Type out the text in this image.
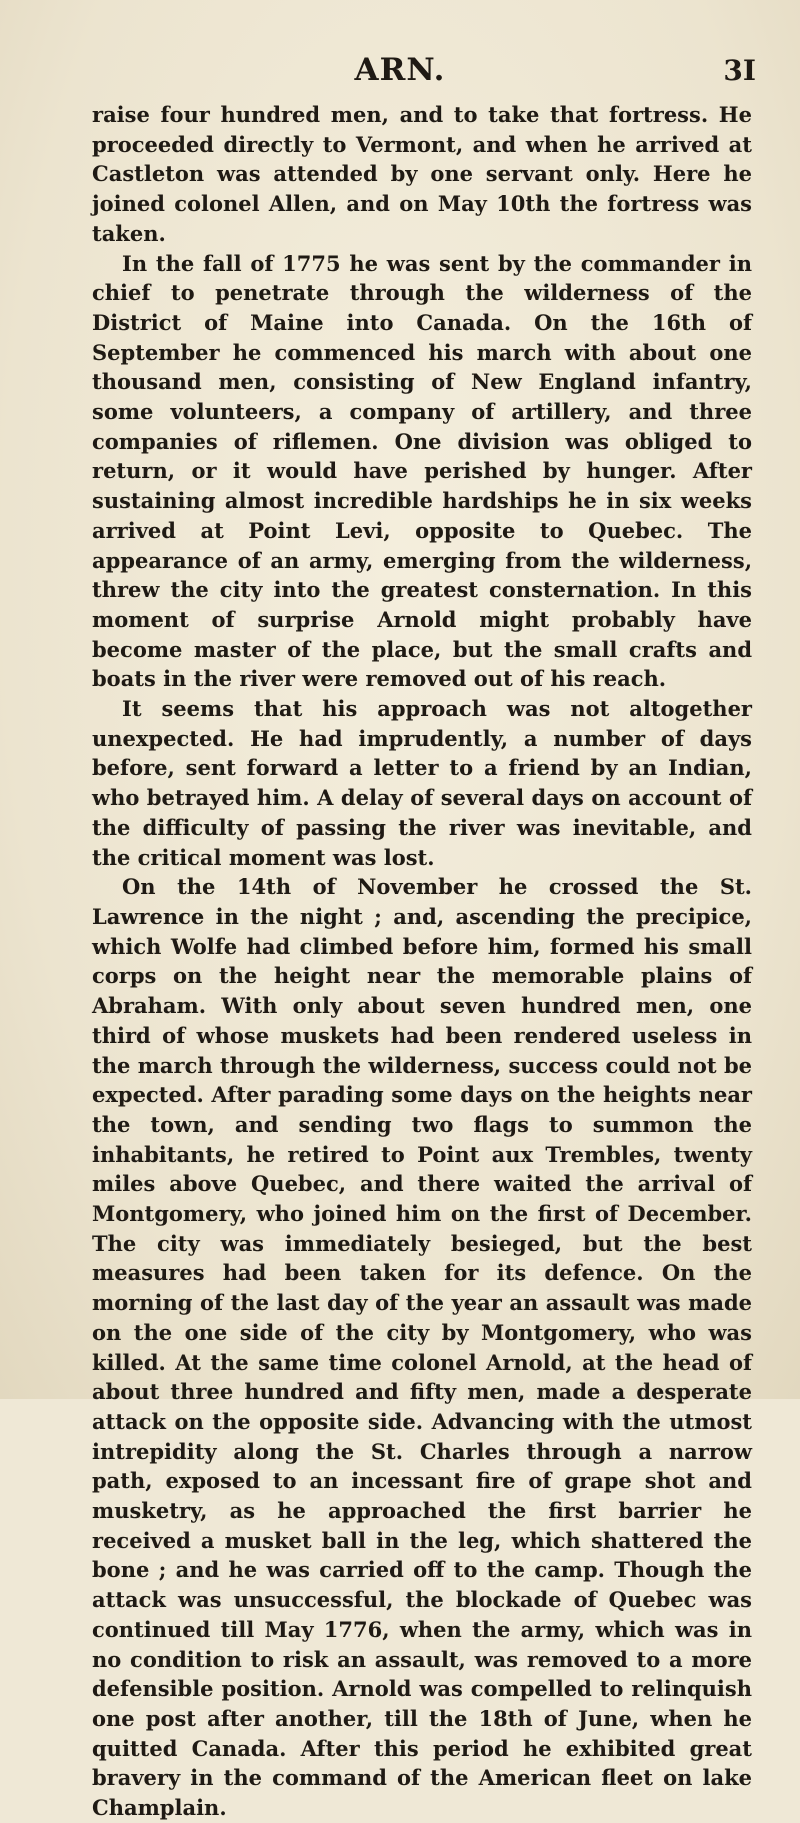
ARN.	3I

raise four hundred men, and to take that fortress. He proceeded directly to Vermont, and when he arrived at Castleton was attended by one servant only. Here he joined colonel Allen, and on May 10th the fortress was taken.

In the fall of 1775 he was sent by the commander in chief to penetrate through the wilderness of the District of Maine into Canada. On the 16th of September he commenced his march with about one thousand men, consisting of New England infantry, some volunteers, a company of artillery, and three companies of riflemen. One division was obliged to return, or it would have perished by hunger. After sustaining almost incredible hardships he in six weeks arrived at Point Levi, opposite to Quebec. The appearance of an army, emerging from the wilderness, threw the city into the greatest consternation. In this moment of surprise Arnold might probably have become master of the place, but the small crafts and boats in the river were removed out of his reach.

It seems that his approach was not altogether unexpected. He had imprudently, a number of days before, sent forward a letter to a friend by an Indian, who betrayed him. A delay of several days on account of the difficulty of passing the river was inevitable, and the critical moment was lost.

On the 14th of November he crossed the St. Lawrence in the night ; and, ascending the precipice, which Wolfe had climbed before him, formed his small corps on the height near the memorable plains of Abraham. With only about seven hundred men, one third of whose muskets had been rendered useless in the march through the wilderness, success could not be expected. After parading some days on the heights near the town, and sending two flags to summon the inhabitants, he retired to Point aux Trembles, twenty miles above Quebec, and there waited the arrival of Montgomery, who joined him on the first of December. The city was immediately besieged, but the best measures had been taken for its defence. On the morning of the last day of the year an assault was made on the one side of the city by Montgomery, who was killed. At the same time colonel Arnold, at the head of about three hundred and fifty men, made a desperate attack on the opposite side. Advancing with the utmost intrepidity along the St. Charles through a narrow path, exposed to an incessant fire of grape shot and musketry, as he approached the first barrier he received a musket ball in the leg, which shattered the bone ; and he was carried off to the camp. Though the attack was unsuccessful, the blockade of Quebec was continued till May 1776, when the army, which was in no condition to risk an assault, was removed to a more defensible position. Arnold was compelled to relinquish one post after another, till the 18th of June, when he quitted Canada. After this period he exhibited great bravery in the command of the American fleet on lake Champlain.
